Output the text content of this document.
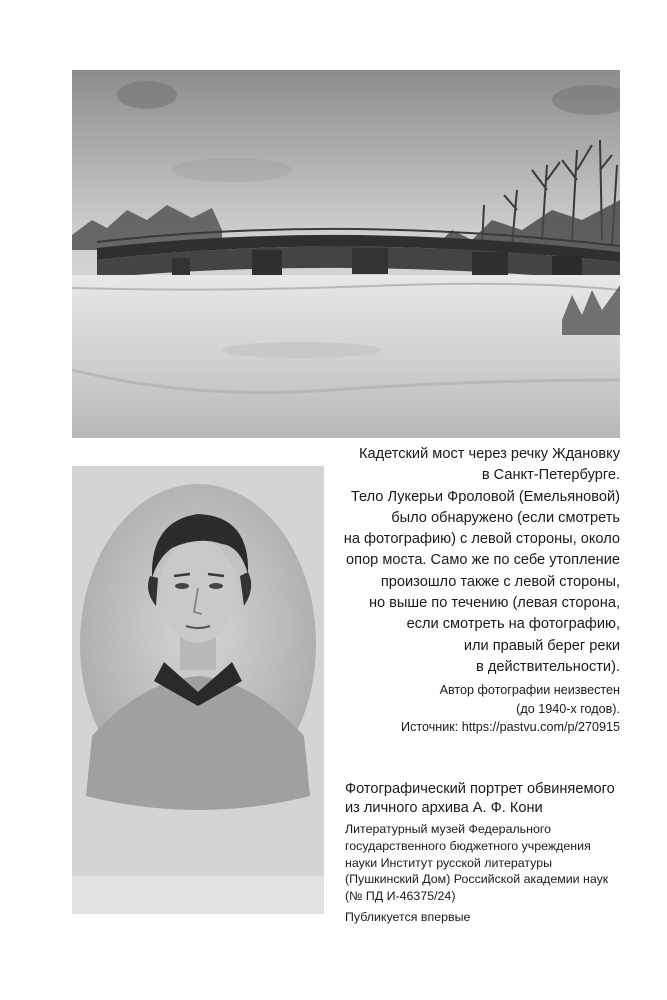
Кадетский мост через речку Ждановку
в Санкт-Петербурге.
Тело Лукерьи Фроловой (Емельяновой)
было обнаружено (если смотреть
на фотографию) с левой стороны, около
опор моста. Само же по себе утопление
произошло также с левой стороны,
но выше по течению (левая сторона,
если смотреть на фотографию,
или правый берег реки
в действительности).
Автор фотографии неизвестен
(до 1940-х годов).
Источник: https://pastvu.com/p/270915
Фотографический портрет обвиняемого
из личного архива А. Ф. Кони
Литературный музей Федерального
государственного бюджетного учреждения
науки Институт русской литературы
(Пушкинский Дом) Российской академии наук
(№ ПД И-46375/24)
Публикуется впервые
